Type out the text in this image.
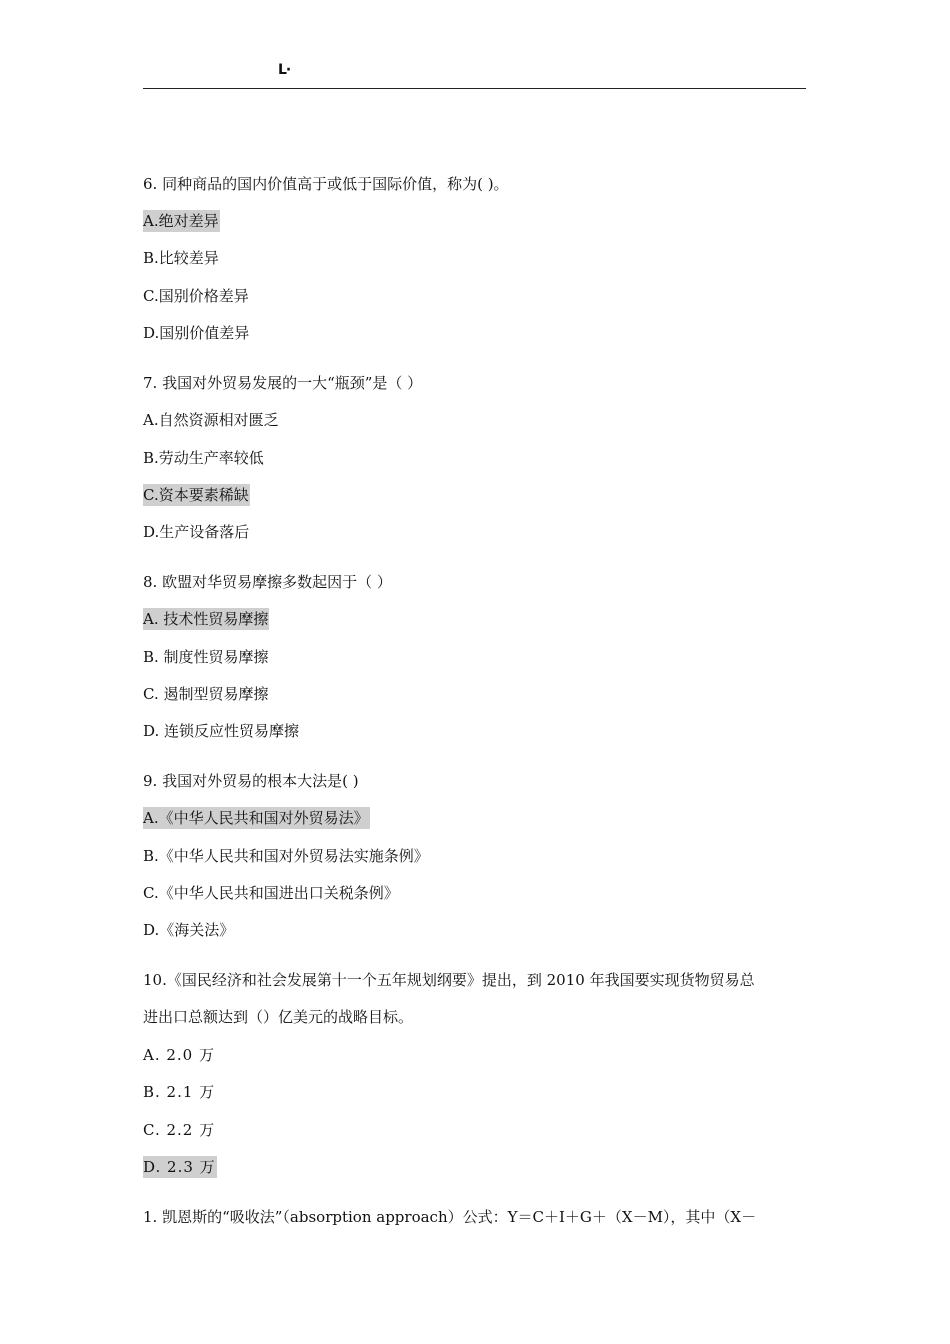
L·
6. 同种商品的国内价值高于或低于国际价值，称为( )。
A.绝对差异
B.比较差异
C.国别价格差异
D.国别价值差异
7. 我国对外贸易发展的一大“瓶颈”是（ ）
A.自然资源相对匮乏
B.劳动生产率较低
C.资本要素稀缺
D.生产设备落后
8. 欧盟对华贸易摩擦多数起因于（ ）
A. 技术性贸易摩擦
B. 制度性贸易摩擦
C. 遏制型贸易摩擦
D. 连锁反应性贸易摩擦
9. 我国对外贸易的根本大法是( )
A.《中华人民共和国对外贸易法》
B.《中华人民共和国对外贸易法实施条例》
C.《中华人民共和国进出口关税条例》
D.《海关法》
10.《国民经济和社会发展第十一个五年规划纲要》提出，到 2010 年我国要实现货物贸易总
进出口总额达到（）亿美元的战略目标。
A. 2.0 万
B. 2.1 万
C. 2.2 万
D. 2.3 万
1. 凯恩斯的“吸收法”（absorption approach）公式：Y＝C＋I＋G＋（X－M），其中（X－
